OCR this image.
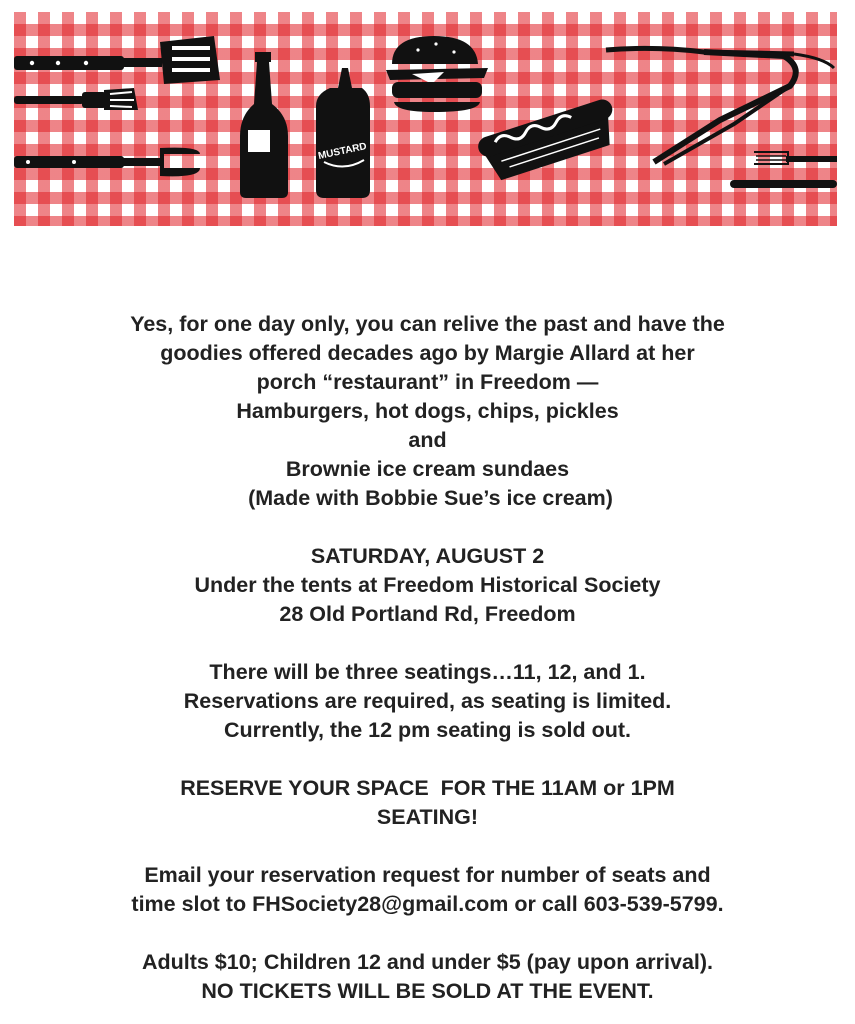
MUSTARD

Yes, for one day only, you can relive the past and have the

goodies offered decades ago by Margie Allard at her

porch “restaurant” in Freedom —

Hamburgers, hot dogs, chips, pickles

and

Brownie ice cream sundaes

(Made with Bobbie Sue’s ice cream)

SATURDAY, AUGUST 2

Under the tents at Freedom Historical Society

28 Old Portland Rd, Freedom

There will be three seatings…11, 12, and 1.

Reservations are required, as seating is limited.

Currently, the 12 pm seating is sold out.

RESERVE YOUR SPACE  FOR THE 11AM or 1PM

SEATING!

Email your reservation request for number of seats and

time slot to FHSociety28@gmail.com or call 603-539-5799.

Adults $10; Children 12 and under $5 (pay upon arrival).

NO TICKETS WILL BE SOLD AT THE EVENT.
